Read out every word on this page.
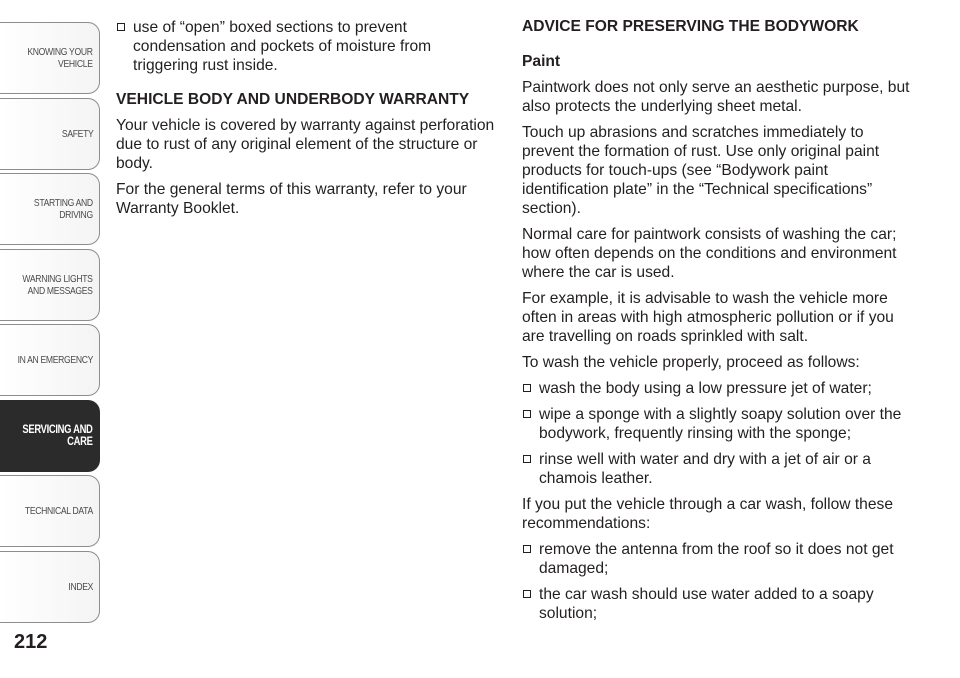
KNOWING YOUR
VEHICLE
SAFETY
STARTING AND
DRIVING
WARNING LIGHTS
AND MESSAGES
IN AN EMERGENCY
SERVICING AND
CARE
TECHNICAL DATA
INDEX
212
use of “open” boxed sections to prevent condensation and pockets of moisture from triggering rust inside.
VEHICLE BODY AND UNDERBODY WARRANTY

Your vehicle is covered by warranty against perforation due to rust of any original element of the structure or body.

For the general terms of this warranty, refer to your Warranty Booklet.

ADVICE FOR PRESERVING THE BODYWORK
Paint

Paintwork does not only serve an aesthetic purpose, but also protects the underlying sheet metal.

Touch up abrasions and scratches immediately to prevent the formation of rust. Use only original paint products for touch-ups (see “Bodywork paint identification plate” in the “Technical specifications” section).

Normal care for paintwork consists of washing the car; how often depends on the conditions and environment where the car is used.

For example, it is advisable to wash the vehicle more often in areas with high atmospheric pollution or if you are travelling on roads sprinkled with salt.

To wash the vehicle properly, proceed as follows:

wash the body using a low pressure jet of water;
wipe a sponge with a slightly soapy solution over the bodywork, frequently rinsing with the sponge;
rinse well with water and dry with a jet of air or a chamois leather.

If you put the vehicle through a car wash, follow these recommendations:

remove the antenna from the roof so it does not get damaged;
the car wash should use water added to a soapy solution;
